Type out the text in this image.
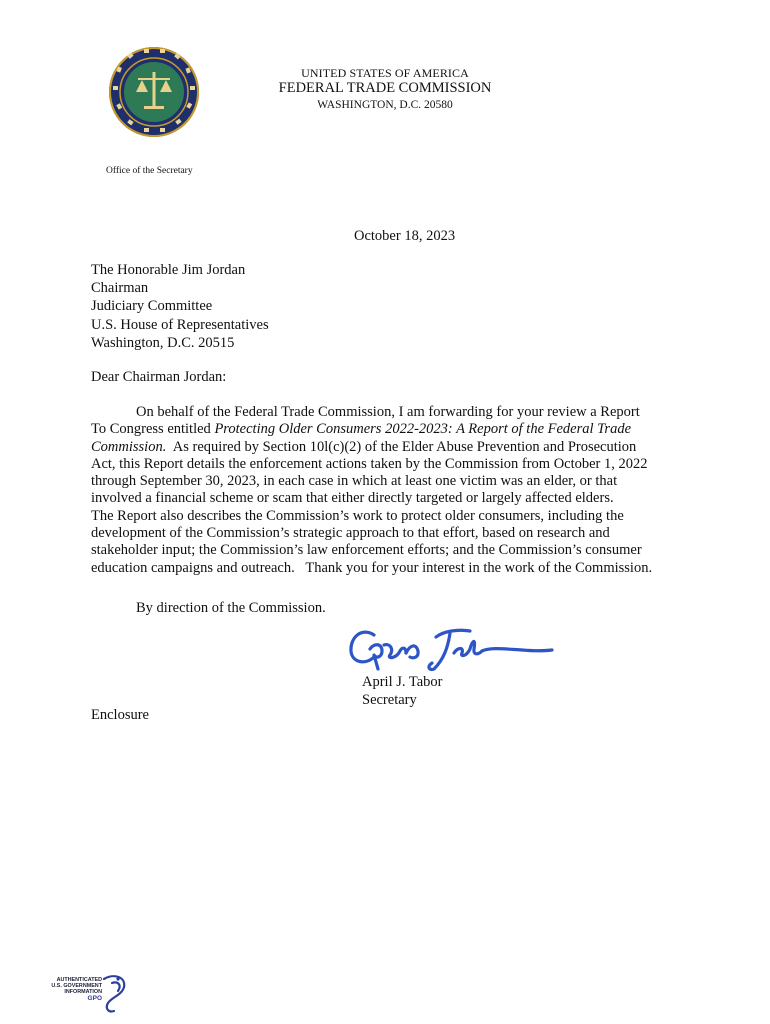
UNITED STATES OF AMERICA
FEDERAL TRADE COMMISSION
WASHINGTON, D.C. 20580
Office of the Secretary
October 18, 2023
The Honorable Jim Jordan
Chairman
Judiciary Committee
U.S. House of Representatives
Washington, D.C. 20515
Dear Chairman Jordan:
On behalf of the Federal Trade Commission, I am forwarding for your review a Report
To Congress entitled Protecting Older Consumers 2022-2023: A Report of the Federal Trade
Commission.  As required by Section 10l(c)(2) of the Elder Abuse Prevention and Prosecution
Act, this Report details the enforcement actions taken by the Commission from October 1, 2022
through September 30, 2023, in each case in which at least one victim was an elder, or that
involved a financial scheme or scam that either directly targeted or largely affected elders.
The Report also describes the Commission’s work to protect older consumers, including the
development of the Commission’s strategic approach to that effort, based on research and
stakeholder input; the Commission’s law enforcement efforts; and the Commission’s consumer
education campaigns and outreach.   Thank you for your interest in the work of the Commission.
By direction of the Commission.
April J. Tabor
Secretary
Enclosure
AUTHENTICATED
U.S. GOVERNMENT
INFORMATION
GPO
